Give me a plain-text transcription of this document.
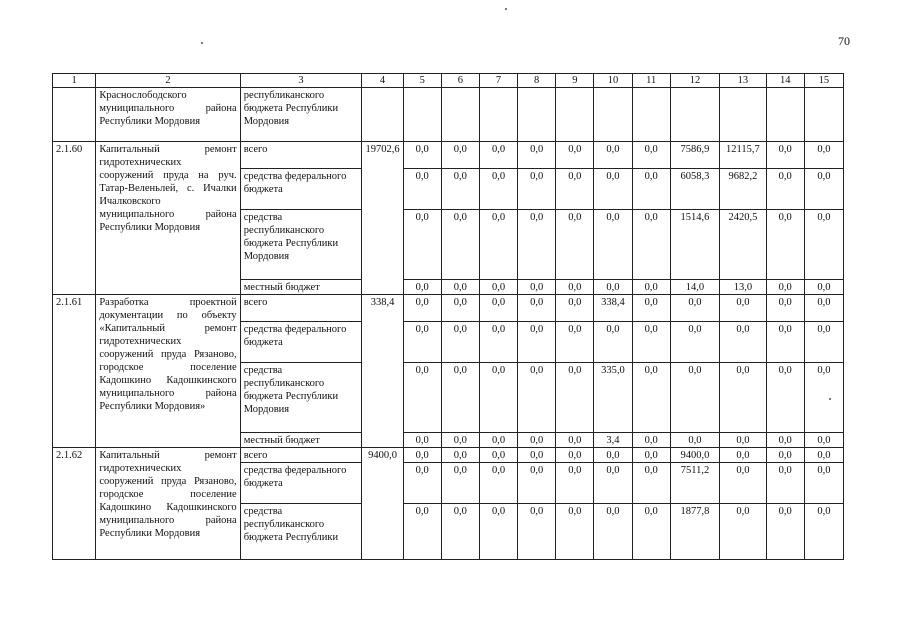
70
1	2	3	4	5	6	7	8	9	10	11	12	13	14	15
	Краснослободского муниципального района Республики Мордовия	республиканского бюджета Республики Мордовия												
2.1.60	Капитальный ремонт гидротехнических сооружений пруда на руч. Татар-Веленьлей, с. Ичалки Ичалковского муниципального района Республики Мордовия	всего	19702,6	0,0	0,0	0,0	0,0	0,0	0,0	0,0	7586,9	12115,7	0,0	0,0
		средства федерального бюджета		0,0	0,0	0,0	0,0	0,0	0,0	0,0	6058,3	9682,2	0,0	0,0
		средства республиканского бюджета Республики Мордовия		0,0	0,0	0,0	0,0	0,0	0,0	0,0	1514,6	2420,5	0,0	0,0
		местный бюджет		0,0	0,0	0,0	0,0	0,0	0,0	0,0	14,0	13,0	0,0	0,0
2.1.61	Разработка проектной документации по объекту «Капитальный ремонт гидротехнических сооружений пруда Рязаново, городское поселение Кадошкино Кадошкинского муниципального района Республики Мордовия»	всего	338,4	0,0	0,0	0,0	0,0	0,0	338,4	0,0	0,0	0,0	0,0	0,0
		средства федерального бюджета		0,0	0,0	0,0	0,0	0,0	0,0	0,0	0,0	0,0	0,0	0,0
		средства республиканского бюджета Республики Мордовия		0,0	0,0	0,0	0,0	0,0	335,0	0,0	0,0	0,0	0,0	0,0
		местный бюджет		0,0	0,0	0,0	0,0	0,0	3,4	0,0	0,0	0,0	0,0	0,0
2.1.62	Капитальный ремонт гидротехнических сооружений пруда Рязаново, городское поселение Кадошкино Кадошкинского муниципального района Республики Мордовия	всего	9400,0	0,0	0,0	0,0	0,0	0,0	0,0	0,0	9400,0	0,0	0,0	0,0
		средства федерального бюджета		0,0	0,0	0,0	0,0	0,0	0,0	0,0	7511,2	0,0	0,0	0,0
		средства республиканского бюджета Республики		0,0	0,0	0,0	0,0	0,0	0,0	0,0	1877,8	0,0	0,0	0,0
